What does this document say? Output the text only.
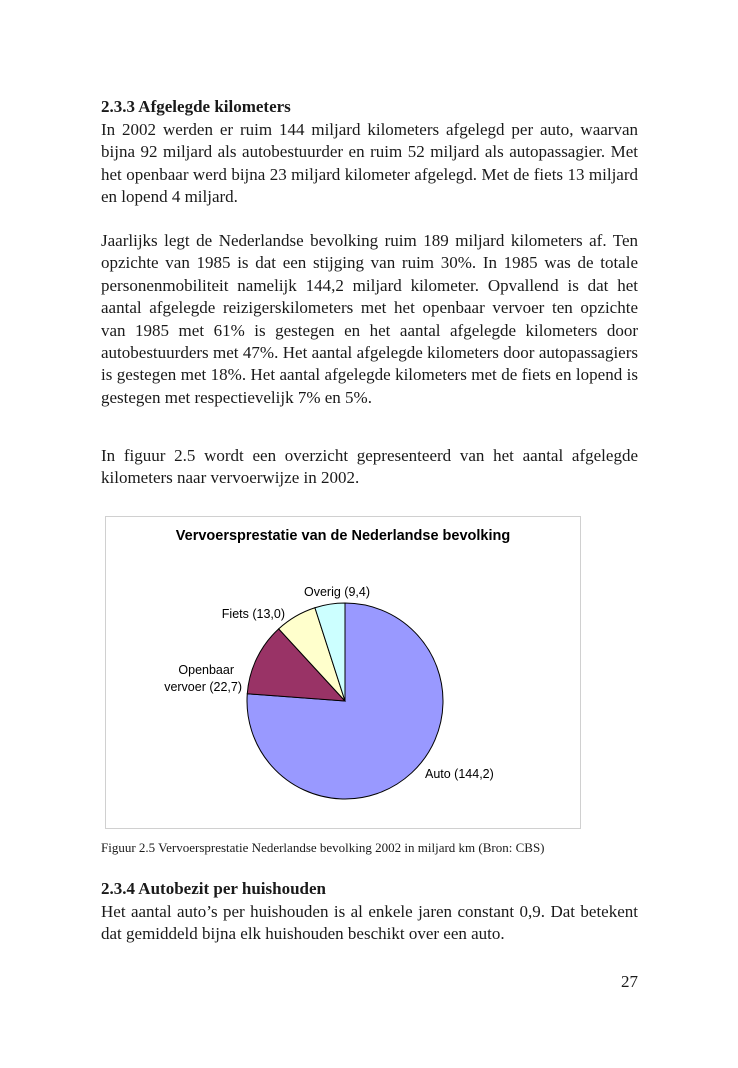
2.3.3 Afgelegde kilometers

In 2002 werden er ruim 144 miljard kilometers afgelegd per auto, waarvan bijna 92 miljard als autobestuurder en ruim 52 miljard als autopassagier. Met het openbaar werd bijna 23 miljard kilometer afgelegd. Met de fiets 13 miljard en lopend 4 miljard.

Jaarlijks legt de Nederlandse bevolking ruim 189 miljard kilometers af. Ten opzichte van 1985 is dat een stijging van ruim 30%. In 1985 was de totale personenmobiliteit namelijk 144,2 miljard kilometer. Opvallend is dat het aantal afgelegde reizigerskilometers met het openbaar vervoer ten opzichte van 1985 met 61% is gestegen en het aantal afgelegde kilometers door autobestuurders met 47%. Het aantal afgelegde kilometers door autopassagiers is gestegen met 18%. Het aantal afgelegde kilometers met de fiets en lopend is gestegen met respectievelijk 7% en 5%.

In figuur 2.5 wordt een overzicht gepresenteerd van het aantal afgelegde kilometers naar vervoerwijze in 2002.

Vervoersprestatie van de Nederlandse bevolking
Auto (144,2)
Openbaar vervoer (22,7)
Fiets (13,0)
Overig (9,4)
Figuur 2.5 Vervoersprestatie Nederlandse bevolking 2002 in miljard km (Bron: CBS)
2.3.4 Autobezit per huishouden

Het aantal auto’s per huishouden is al enkele jaren constant 0,9. Dat betekent dat gemiddeld bijna elk huishouden beschikt over een auto.

27
